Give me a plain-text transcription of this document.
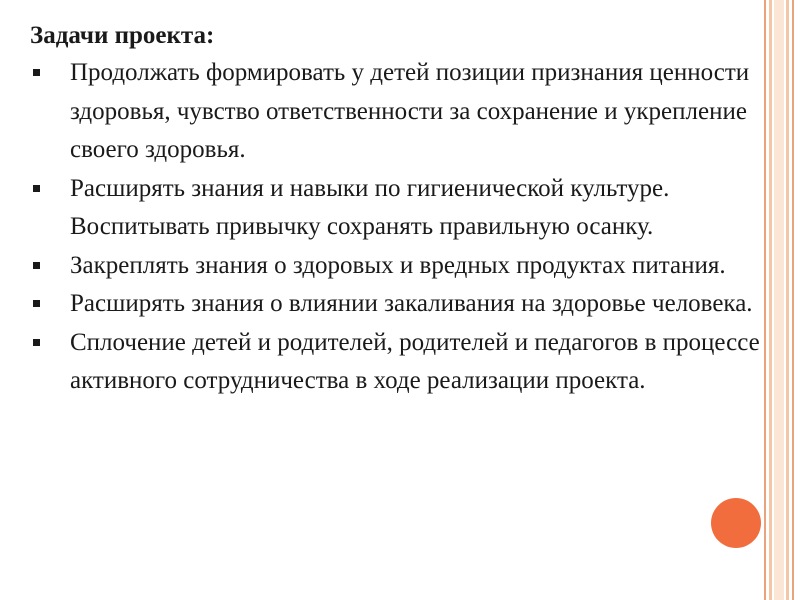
Задачи проекта:
Продолжать формировать у детей позиции признания ценности здоровья, чувство ответственности за сохранение и укрепление своего здоровья.
Расширять знания и навыки по гигиенической культуре. Воспитывать привычку сохранять правильную осанку.
Закреплять знания о здоровых и вредных продуктах питания.
Расширять знания о влиянии закаливания на здоровье человека.
Сплочение детей и родителей, родителей и педагогов в процессе активного сотрудничества в ходе реализации проекта.
